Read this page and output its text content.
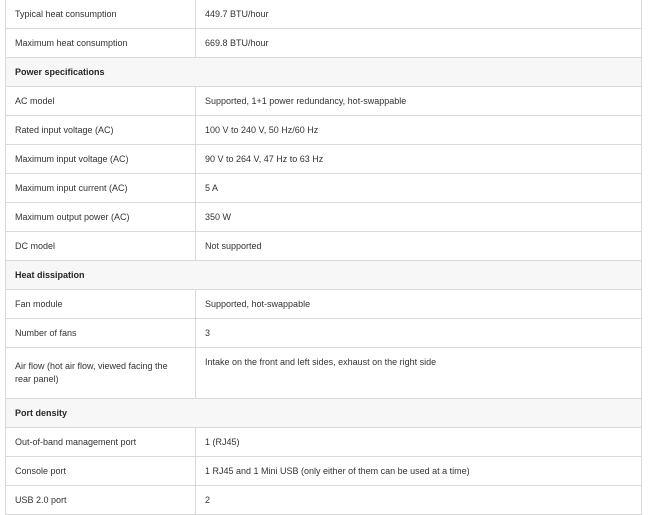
Typical heat consumption	449.7 BTU/hour
Maximum heat consumption	669.8 BTU/hour
Power specifications	
AC model	Supported, 1+1 power redundancy, hot-swappable
Rated input voltage (AC)	100 V to 240 V, 50 Hz/60 Hz
Maximum input voltage (AC)	90 V to 264 V, 47 Hz to 63 Hz
Maximum input current (AC)	5 A
Maximum output power (AC)	350 W
DC model	Not supported
Heat dissipation	
Fan module	Supported, hot-swappable
Number of fans	3
Air flow (hot air flow, viewed facing the rear panel)	Intake on the front and left sides, exhaust on the right side
Port density	
Out-of-band management port	1 (RJ45)
Console port	1 RJ45 and 1 Mini USB (only either of them can be used at a time)
USB 2.0 port	2
